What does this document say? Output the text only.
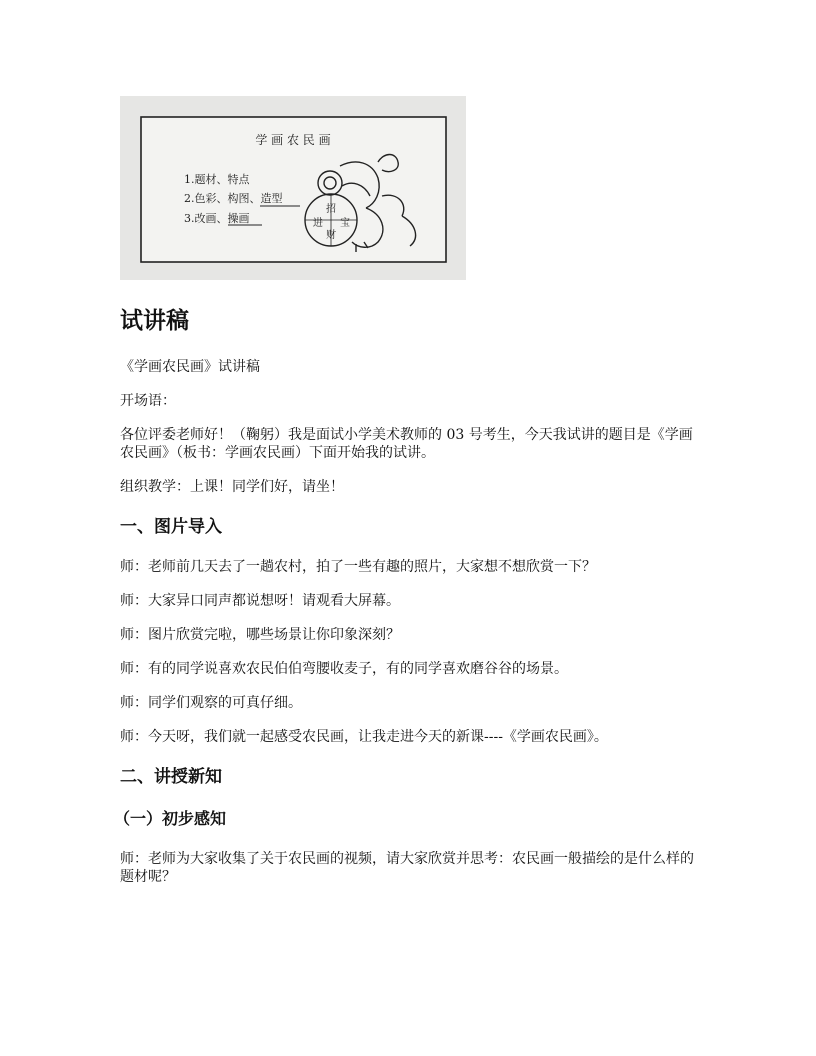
学 画 农 民 画
1.题材、特点
2.色彩、构图、造型
3.改画、操画
招
财
进 宝
试讲稿

《学画农民画》试讲稿

开场语：

各位评委老师好！（鞠躬）我是面试小学美术教师的 03 号考生，今天我试讲的题目是《学画农民画》（板书：学画农民画）下面开始我的试讲。

组织教学：上课！同学们好，请坐！

一、图片导入

师：老师前几天去了一趟农村，拍了一些有趣的照片，大家想不想欣赏一下？

师：大家异口同声都说想呀！请观看大屏幕。

师：图片欣赏完啦，哪些场景让你印象深刻？

师：有的同学说喜欢农民伯伯弯腰收麦子，有的同学喜欢磨谷谷的场景。

师：同学们观察的可真仔细。

师：今天呀，我们就一起感受农民画，让我走进今天的新课----《学画农民画》。

二、讲授新知
（一）初步感知

师：老师为大家收集了关于农民画的视频，请大家欣赏并思考：农民画一般描绘的是什么样的题材呢？
